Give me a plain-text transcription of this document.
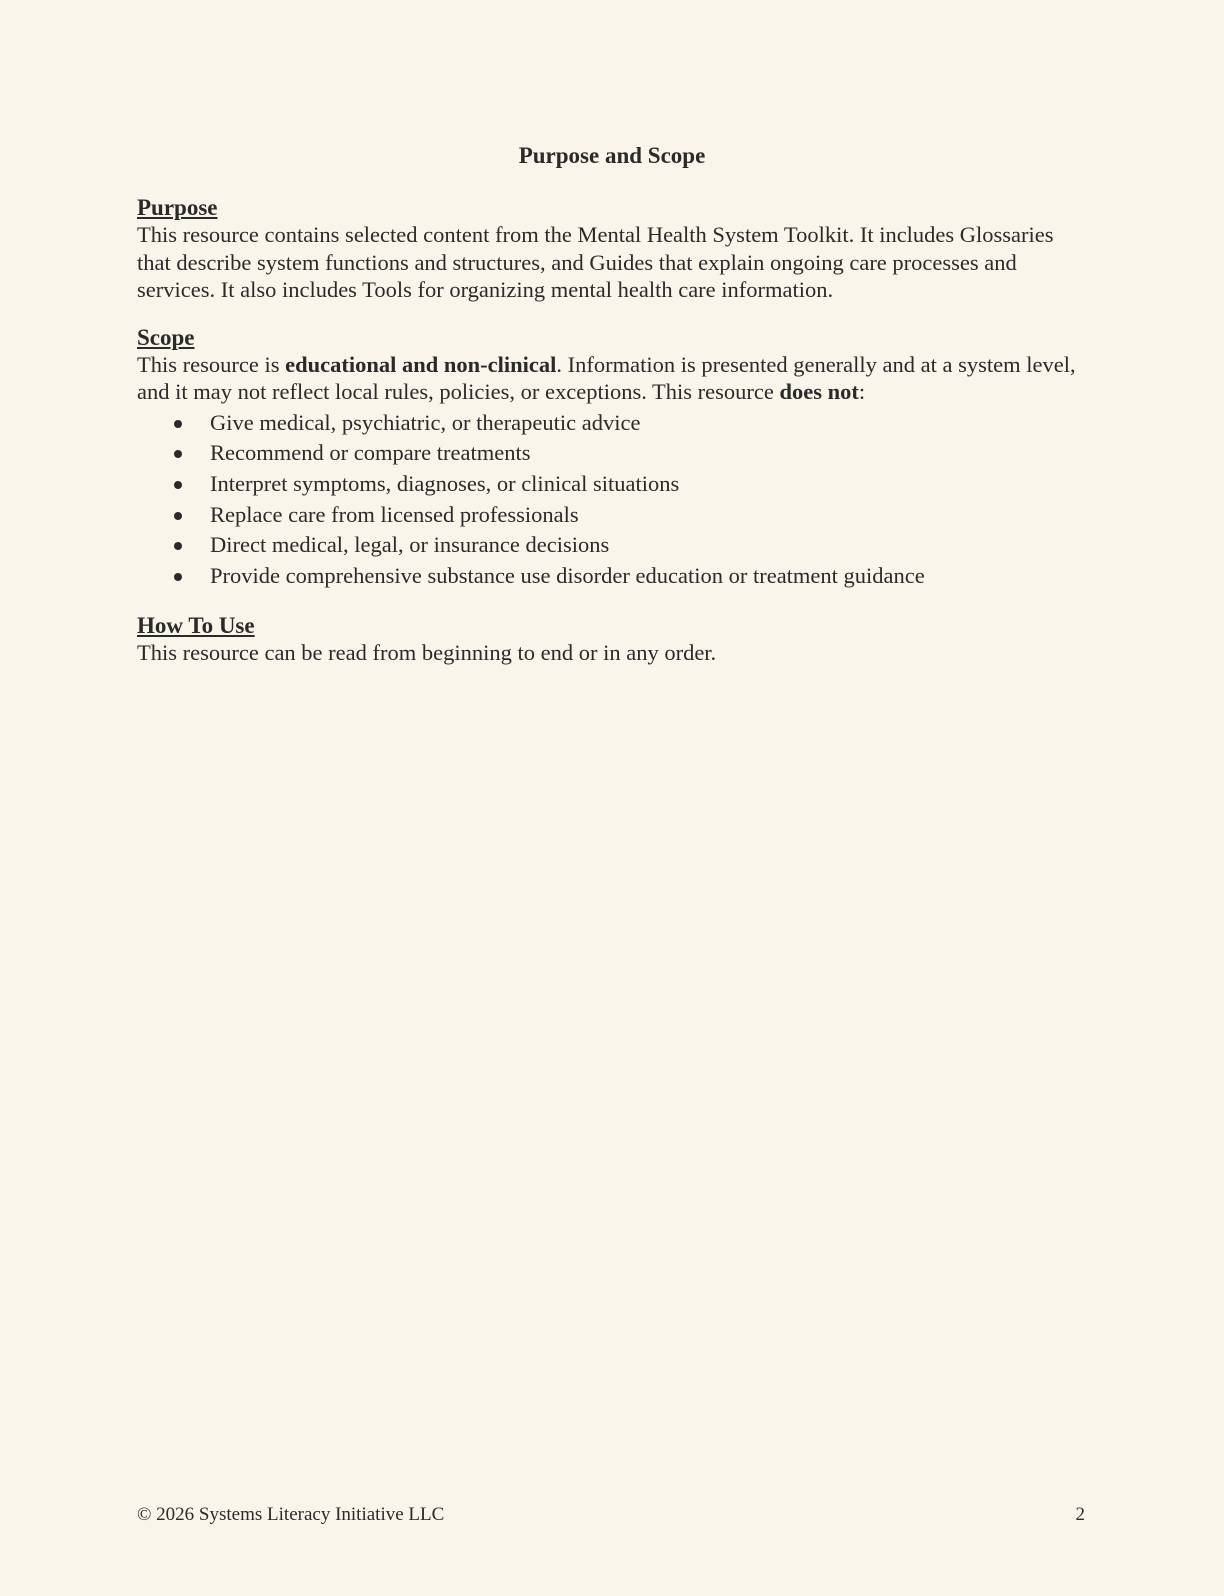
Purpose and Scope
Purpose

This resource contains selected content from the Mental Health System Toolkit. It includes Glossaries that describe system functions and structures, and Guides that explain ongoing care processes and services. It also includes Tools for organizing mental health care information.

Scope

This resource is educational and non-clinical. Information is presented generally and at a system level, and it may not reflect local rules, policies, or exceptions. This resource does not:

Give medical, psychiatric, or therapeutic advice
Recommend or compare treatments
Interpret symptoms, diagnoses, or clinical situations
Replace care from licensed professionals
Direct medical, legal, or insurance decisions
Provide comprehensive substance use disorder education or treatment guidance
How To Use

This resource can be read from beginning to end or in any order.

© 2026 Systems Literacy Initiative LLC	2
